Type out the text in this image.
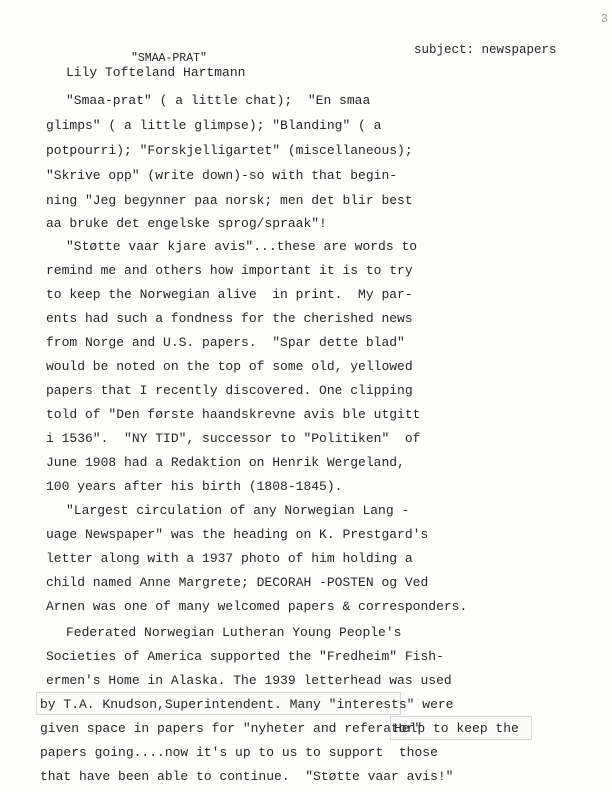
3
subject: newspapers
"SMAA-PRAT"
Lily Tofteland Hartmann
"Smaa-prat" ( a little chat);  "En smaa
glimps" ( a little glimpse); "Blanding" ( a
potpourri); "Forskjelligartet" (miscellaneous);
"Skrive opp" (write down)-so with that begin-
ning "Jeg begynner paa norsk; men det blir best
aa bruke det engelske sprog/spraak"!
"Støtte vaar kjare avis"...these are words to
remind me and others how important it is to try
to keep the Norwegian alive  in print.  My par-
ents had such a fondness for the cherished news
from Norge and U.S. papers.  "Spar dette blad"
would be noted on the top of some old, yellowed
papers that I recently discovered. One clipping
told of "Den første haandskrevne avis ble utgitt
i 1536".  "NY TID", successor to "Politiken"  of
June 1908 had a Redaktion on Henrik Wergeland,
100 years after his birth (1808-1845).
"Largest circulation of any Norwegian Lang -
uage Newspaper" was the heading on K. Prestgard's
letter along with a 1937 photo of him holding a
child named Anne Margrete; DECORAH -POSTEN og Ved
Arnen was one of many welcomed papers & corresponders.
Federated Norwegian Lutheran Young People's
Societies of America supported the "Fredheim" Fish-
ermen's Home in Alaska. The 1939 letterhead was used
by T.A. Knudson,Superintendent. Many "interests" were
given space in papers for "nyheter and referator"
Help to keep the
papers going....now it's up to us to support  those
that have been able to continue.  "Støtte vaar avis!"
